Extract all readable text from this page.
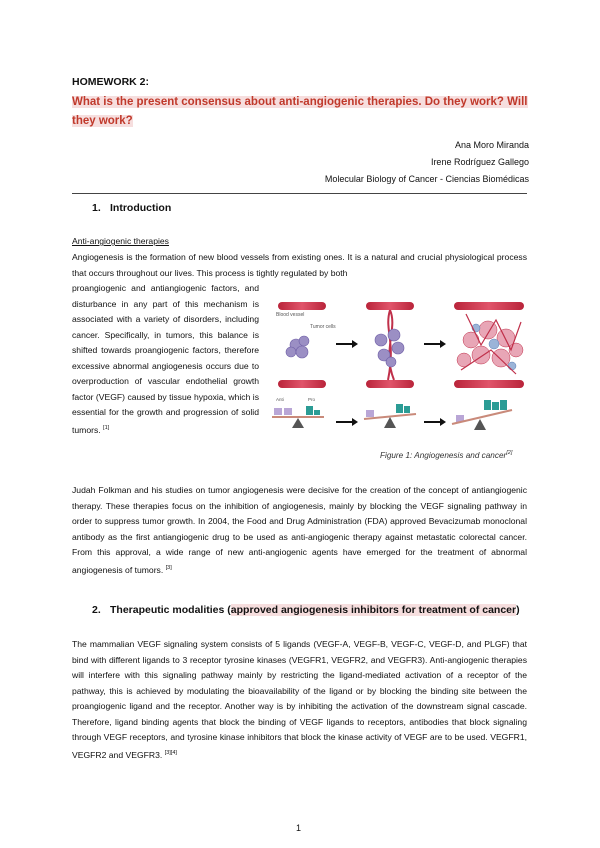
HOMEWORK 2:
What is the present consensus about anti-angiogenic therapies. Do they work? Will
they work?
Ana Moro Miranda
Irene Rodríguez Gallego
Molecular Biology of Cancer - Ciencias Biomédicas
1. Introduction
Anti-angiogenic therapies
Angiogenesis is the formation of new blood vessels from existing ones. It is a natural and crucial physiological process that occurs throughout our lives. This process is tightly regulated by both
proangiogenic and antiangiogenic factors, and disturbance in any part of this mechanism is associated with a variety of disorders, including cancer. Specifically, in tumors, this balance is shifted towards proangiogenic factors, therefore excessive abnormal angiogenesis occurs due to overproduction of vascular endothelial growth factor (VEGF) caused by tissue hypoxia, which is essential for the growth and progression of solid tumors. [1]
Blood vessel
Tumor cells
Anti	Pro
Figure 1: Angiogenesis and cancer[2]
Judah Folkman and his studies on tumor angiogenesis were decisive for the creation of the concept of antiangiogenic therapy. These therapies focus on the inhibition of angiogenesis, mainly by blocking the VEGF signaling pathway in order to suppress tumor growth. In 2004, the Food and Drug Administration (FDA) approved Bevacizumab monoclonal antibody as the first antiangiogenic drug to be used as anti-angiogenic therapy against metastatic colorectal cancer. From this approval, a wide range of new anti-angiogenic agents have emerged for the treatment of abnormal angiogenesis of tumors. [3]
2. Therapeutic modalities (approved angiogenesis inhibitors for treatment of cancer)
The mammalian VEGF signaling system consists of 5 ligands (VEGF-A, VEGF-B, VEGF-C, VEGF-D, and PLGF) that bind with different ligands to 3 receptor tyrosine kinases (VEGFR1, VEGFR2, and VEGFR3). Anti-angiogenic therapies will interfere with this signaling pathway mainly by restricting the ligand-mediated activation of a receptor of the pathway, this is achieved by modulating the bioavailability of the ligand or by blocking the binding site between the proangiogenic ligand and the receptor. Another way is by inhibiting the activation of the downstream signal cascade. Therefore, ligand binding agents that block the binding of VEGF ligands to receptors, antibodies that block signaling through VEGF receptors, and tyrosine kinase inhibitors that block the kinase activity of VEGF are to be used. VEGFR1, VEGFR2 and VEGFR3. [3][4]
1
